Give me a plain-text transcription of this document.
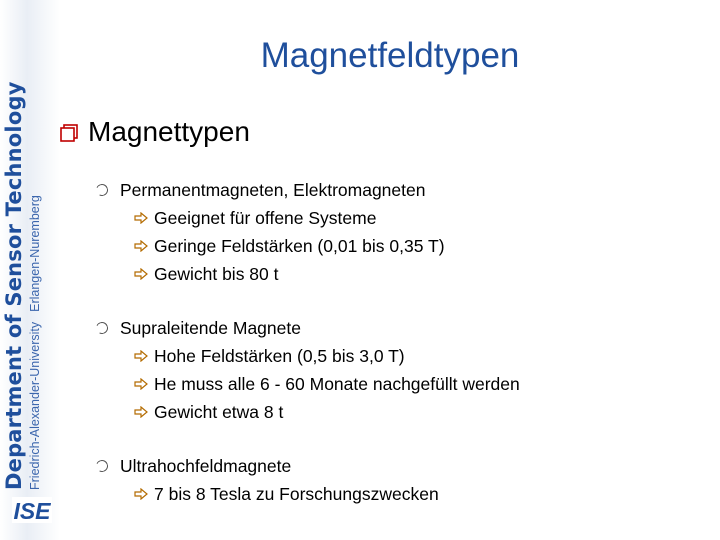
Department of Sensor Technology Friedrich-Alexander-UniversityErlangen-Nuremberg
ISE
Magnetfeldtypen
Magnettypen
Permanentmagneten, Elektromagneten
Geeignet für offene Systeme
Geringe Feldstärken (0,01 bis 0,35 T)
Gewicht bis 80 t
Supraleitende Magnete
Hohe Feldstärken (0,5 bis 3,0 T)
He muss alle 6 - 60 Monate nachgefüllt werden
Gewicht etwa 8 t
Ultrahochfeldmagnete
7 bis 8 Tesla zu Forschungszwecken
